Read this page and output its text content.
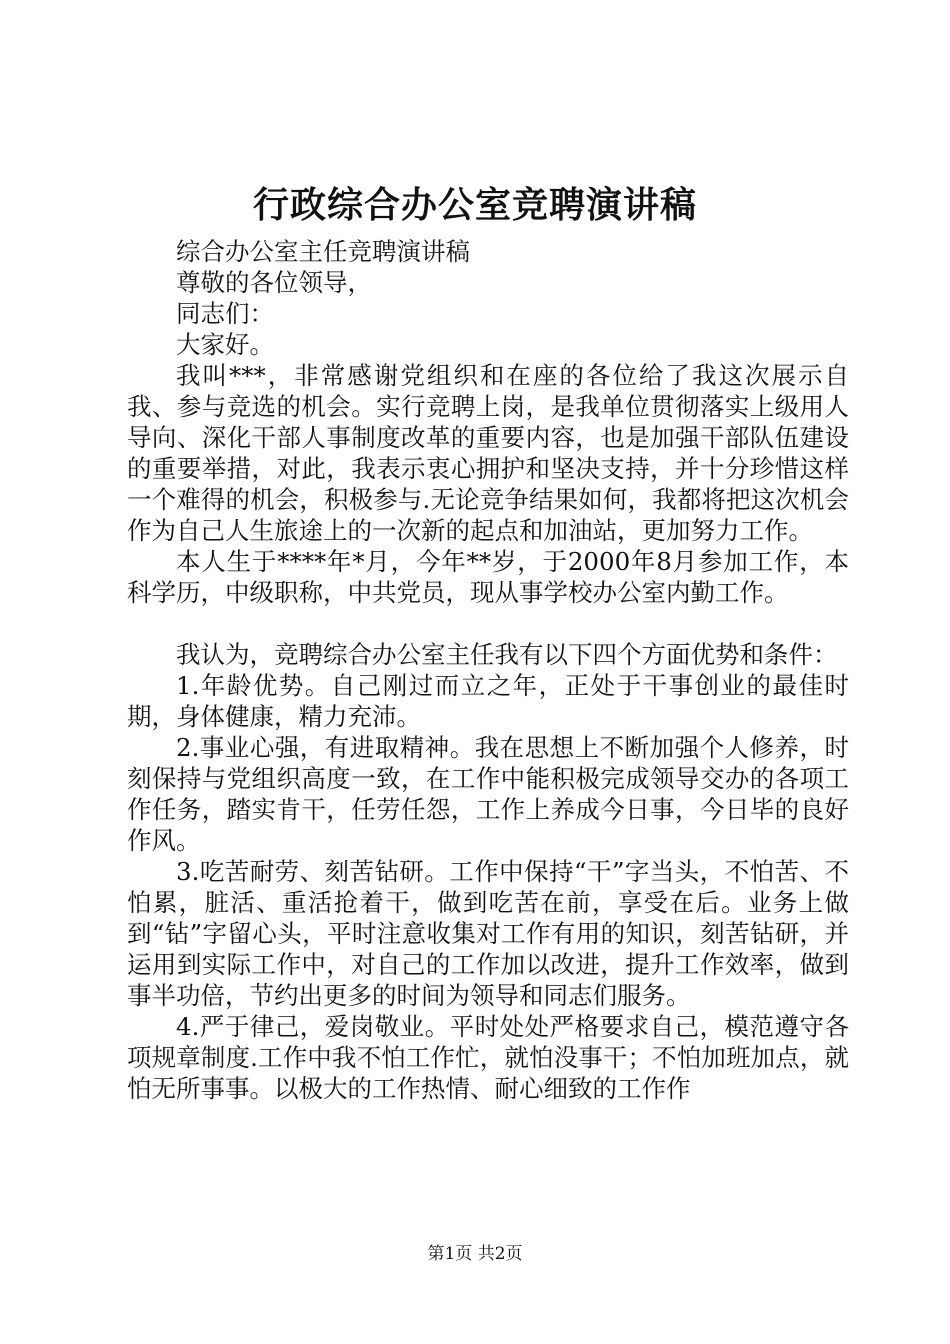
行政综合办公室竞聘演讲稿

综合办公室主任竞聘演讲稿

尊敬的各位领导，

同志们：

大家好。

我叫***，非常感谢党组织和在座的各位给了我这次展示自我、参与竞选的机会。实行竞聘上岗，是我单位贯彻落实上级用人导向、深化干部人事制度改革的重要内容，也是加强干部队伍建设的重要举措，对此，我表示衷心拥护和坚决支持，并十分珍惜这样一个难得的机会，积极参与.无论竞争结果如何，我都将把这次机会作为自己人生旅途上的一次新的起点和加油站，更加努力工作。

本人生于****年*月，今年**岁，于2000年8月参加工作，本科学历，中级职称，中共党员，现从事学校办公室内勤工作。

我认为，竞聘综合办公室主任我有以下四个方面优势和条件：

1.年龄优势。自己刚过而立之年，正处于干事创业的最佳时期，身体健康，精力充沛。

2.事业心强，有进取精神。我在思想上不断加强个人修养，时刻保持与党组织高度一致，在工作中能积极完成领导交办的各项工作任务，踏实肯干，任劳任怨，工作上养成今日事，今日毕的良好作风。

3.吃苦耐劳、刻苦钻研。工作中保持“干”字当头，不怕苦、不怕累，脏活、重活抢着干，做到吃苦在前，享受在后。业务上做到“钻”字留心头，平时注意收集对工作有用的知识，刻苦钻研，并运用到实际工作中，对自己的工作加以改进，提升工作效率，做到事半功倍，节约出更多的时间为领导和同志们服务。

4.严于律己，爱岗敬业。平时处处严格要求自己，模范遵守各项规章制度.工作中我不怕工作忙，就怕没事干；不怕加班加点，就怕无所事事。以极大的工作热情、耐心细致的工作作

第1页 共2页
